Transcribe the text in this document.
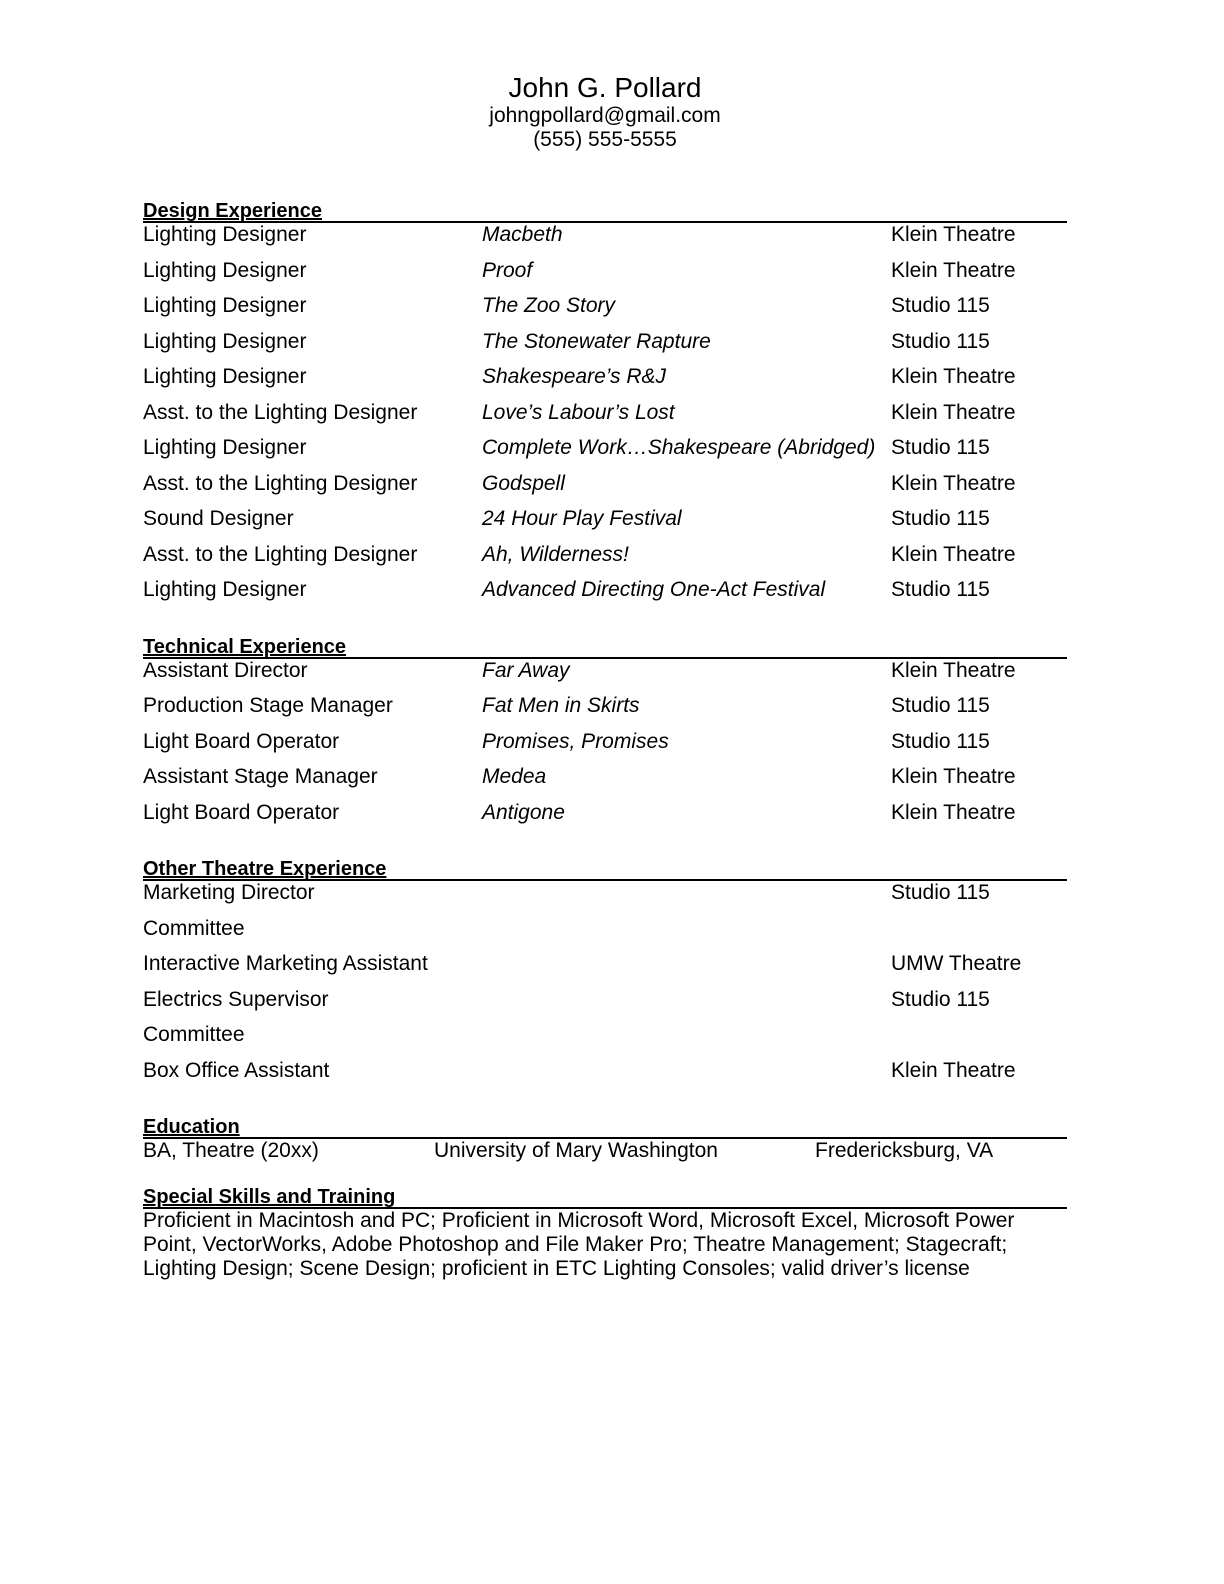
John G. Pollard
johngpollard@gmail.com
(555) 555-5555
Design Experience
Lighting Designer	Macbeth	Klein Theatre
Lighting Designer	Proof	Klein Theatre
Lighting Designer	The Zoo Story	Studio 115
Lighting Designer	The Stonewater Rapture	Studio 115
Lighting Designer	Shakespeare’s R&J	Klein Theatre
Asst. to the Lighting Designer	Love’s Labour’s Lost	Klein Theatre
Lighting Designer	Complete Work…Shakespeare (Abridged) Studio 115
Asst. to the Lighting Designer	Godspell	Klein Theatre
Sound Designer	24 Hour Play Festival	Studio 115
Asst. to the Lighting Designer	Ah, Wilderness!	Klein Theatre
Lighting Designer	Advanced Directing One-Act Festival	Studio 115
Technical Experience
Assistant Director	Far Away	Klein Theatre
Production Stage Manager	Fat Men in Skirts	Studio 115
Light Board Operator	Promises, Promises	Studio 115
Assistant Stage Manager	Medea	Klein Theatre
Light Board Operator	Antigone	Klein Theatre
Other Theatre Experience
Marketing Director	Studio 115
Committee
Interactive Marketing Assistant	UMW Theatre
Electrics Supervisor	Studio 115
Committee
Box Office Assistant	Klein Theatre
Education
BA, Theatre (20xx)	University of Mary Washington	Fredericksburg, VA
Special Skills and Training
Proficient in Macintosh and PC; Proficient in Microsoft Word, Microsoft Excel, Microsoft Power Point, VectorWorks, Adobe Photoshop and File Maker Pro; Theatre Management; Stagecraft; Lighting Design; Scene Design; proficient in ETC Lighting Consoles; valid driver’s license
